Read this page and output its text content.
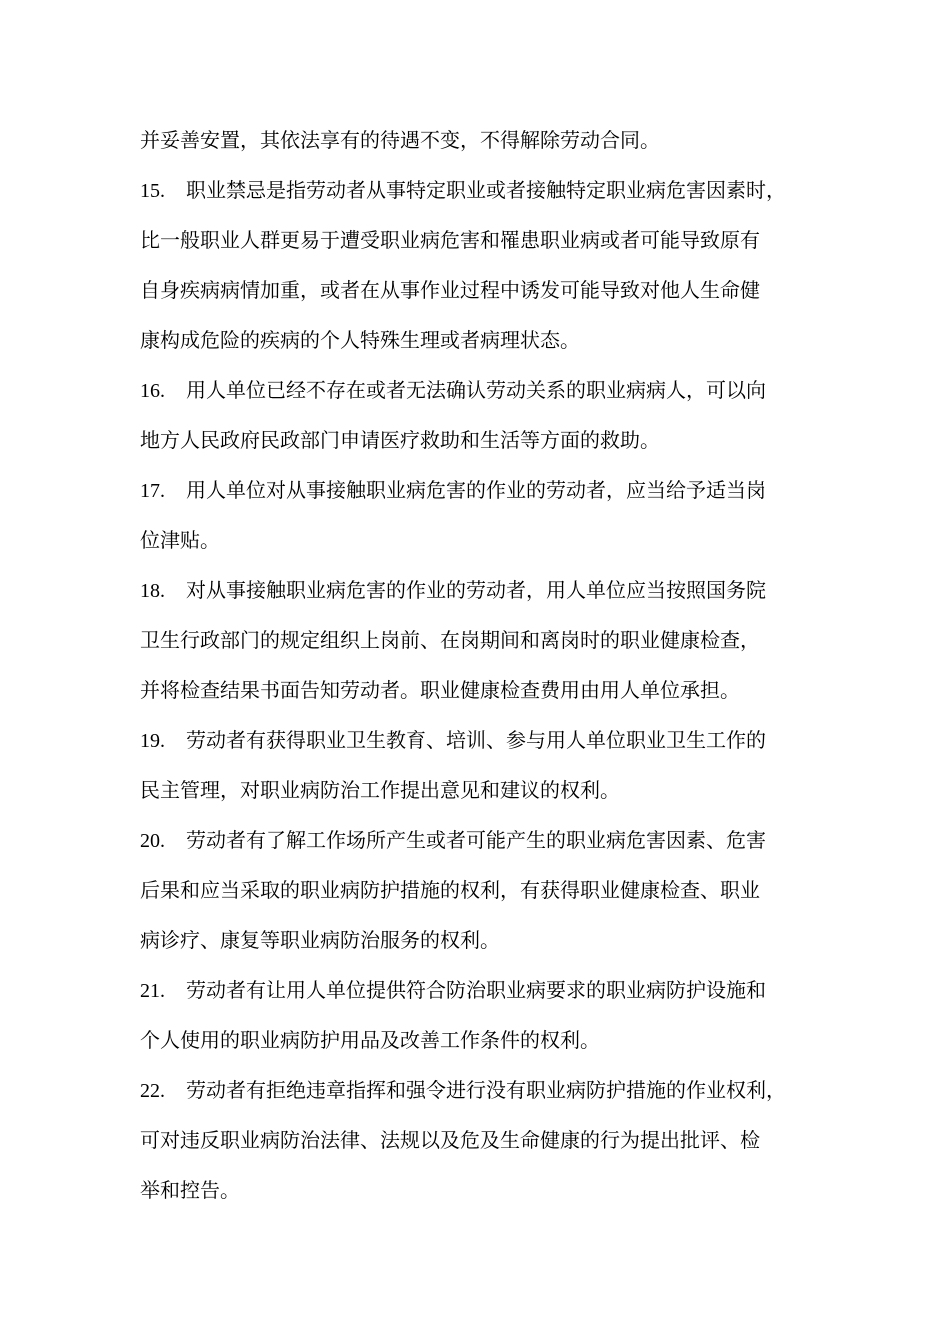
并妥善安置，其依法享有的待遇不变，不得解除劳动合同。
15. 职业禁忌是指劳动者从事特定职业或者接触特定职业病危害因素时，
比一般职业人群更易于遭受职业病危害和罹患职业病或者可能导致原有
自身疾病病情加重，或者在从事作业过程中诱发可能导致对他人生命健
康构成危险的疾病的个人特殊生理或者病理状态。
16. 用人单位已经不存在或者无法确认劳动关系的职业病病人，可以向
地方人民政府民政部门申请医疗救助和生活等方面的救助。
17. 用人单位对从事接触职业病危害的作业的劳动者，应当给予适当岗
位津贴。
18. 对从事接触职业病危害的作业的劳动者，用人单位应当按照国务院
卫生行政部门的规定组织上岗前、在岗期间和离岗时的职业健康检查，
并将检查结果书面告知劳动者。职业健康检查费用由用人单位承担。
19. 劳动者有获得职业卫生教育、培训、参与用人单位职业卫生工作的
民主管理，对职业病防治工作提出意见和建议的权利。
20. 劳动者有了解工作场所产生或者可能产生的职业病危害因素、危害
后果和应当采取的职业病防护措施的权利，有获得职业健康检查、职业
病诊疗、康复等职业病防治服务的权利。
21. 劳动者有让用人单位提供符合防治职业病要求的职业病防护设施和
个人使用的职业病防护用品及改善工作条件的权利。
22. 劳动者有拒绝违章指挥和强令进行没有职业病防护措施的作业权利，
可对违反职业病防治法律、法规以及危及生命健康的行为提出批评、检
举和控告。
